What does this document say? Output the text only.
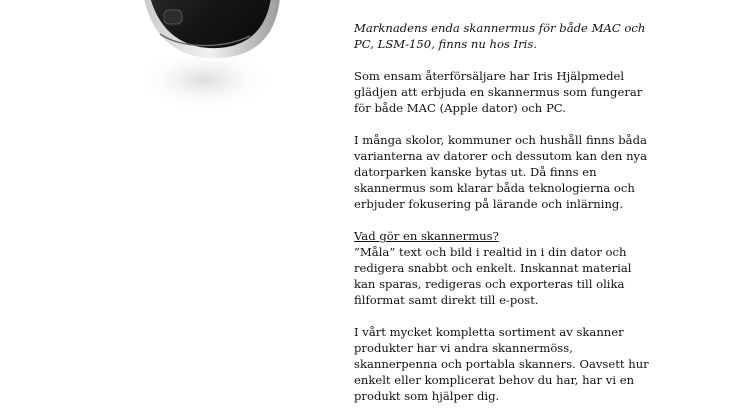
Marknadens enda skannermus för både MAC och PC, LSM-150, finns nu hos Iris.

Som ensam återförsäljare har Iris Hjälpmedel glädjen att erbjuda en skannermus som fungerar för både MAC (Apple dator) och PC.

I många skolor, kommuner och hushåll finns båda varianterna av datorer och dessutom kan den nya datorparken kanske bytas ut. Då finns en skannermus som klarar båda teknologierna och erbjuder fokusering på lärande och inlärning.

Vad gör en skannermus?
”Måla” text och bild i realtid in i din dator och redigera snabbt och enkelt. Inskannat material kan sparas, redigeras och exporteras till olika filformat samt direkt till e-post.

I vårt mycket kompletta sortiment av skanner produkter har vi andra skannermöss, skannerpenna och portabla skanners. Oavsett hur enkelt eller komplicerat behov du har, har vi en produkt som hjälper dig.
